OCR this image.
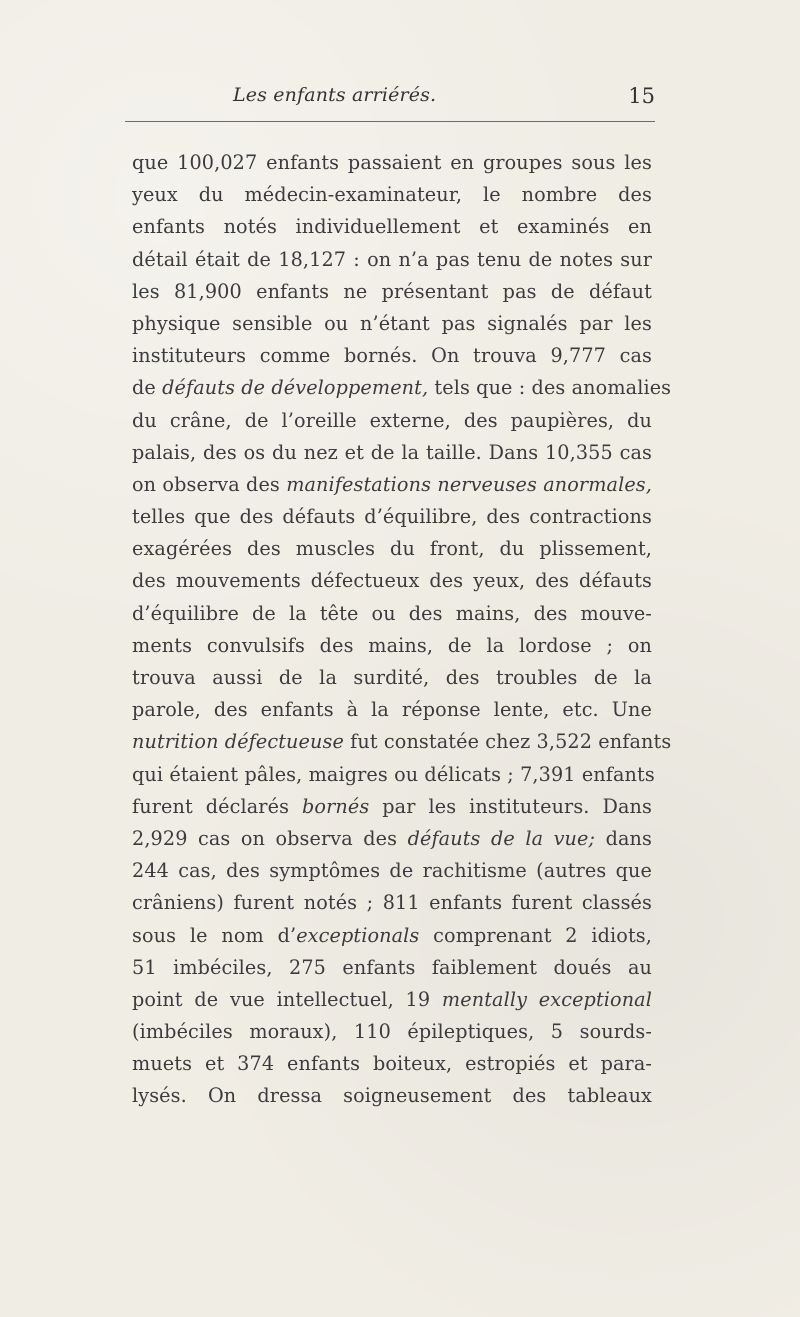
Les enfants arriérés.	15
que 100,027 enfants passaient en groupes sous les
yeux du médecin-examinateur, le nombre des
enfants notés individuellement et examinés en
détail était de 18,127 : on n’a pas tenu de notes sur
les 81,900 enfants ne présentant pas de défaut
physique sensible ou n’étant pas signalés par les
instituteurs comme bornés. On trouva 9,777 cas
de défauts de développement, tels que : des anomalies
du crâne, de l’oreille externe, des paupières, du
palais, des os du nez et de la taille. Dans 10,355 cas
on observa des manifestations nerveuses anormales,
telles que des défauts d’équilibre, des contractions
exagérées des muscles du front, du plissement,
des mouvements défectueux des yeux, des défauts
d’équilibre de la tête ou des mains, des mouve-
ments convulsifs des mains, de la lordose ; on
trouva aussi de la surdité, des troubles de la
parole, des enfants à la réponse lente, etc. Une
nutrition défectueuse fut constatée chez 3,522 enfants
qui étaient pâles, maigres ou délicats ; 7,391 enfants
furent déclarés bornés par les instituteurs. Dans
2,929 cas on observa des défauts de la vue; dans
244 cas, des symptômes de rachitisme (autres que
crâniens) furent notés ; 811 enfants furent classés
sous le nom d’exceptionals comprenant 2 idiots,
51 imbéciles, 275 enfants faiblement doués au
point de vue intellectuel, 19 mentally exceptional
(imbéciles moraux), 110 épileptiques, 5 sourds-
muets et 374 enfants boiteux, estropiés et para-
lysés. On dressa soigneusement des tableaux
